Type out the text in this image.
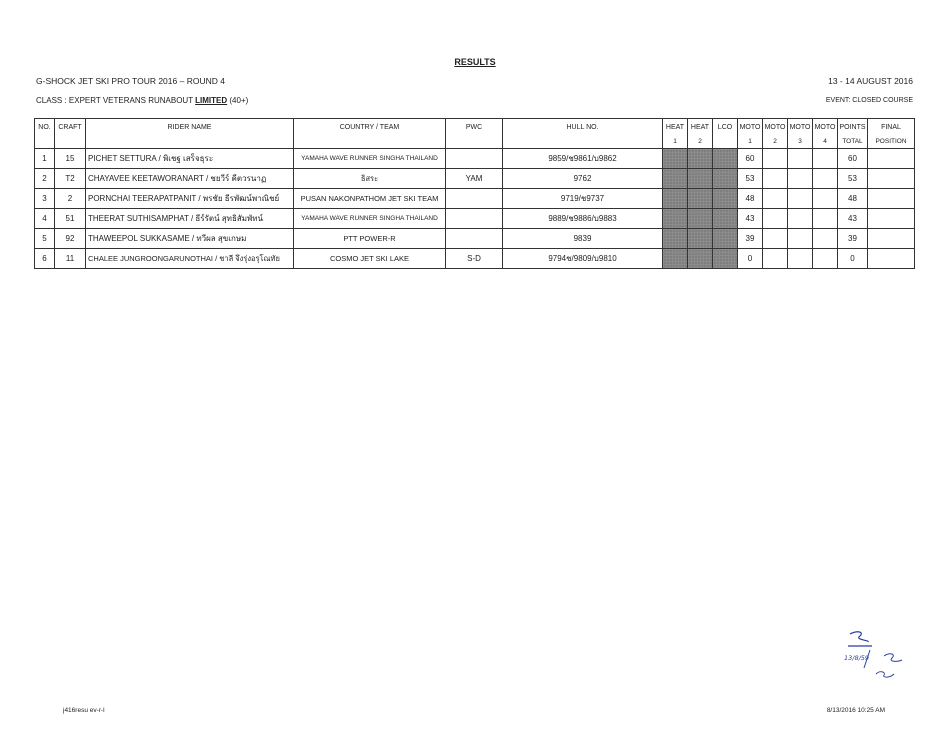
RESULTS
G-SHOCK JET SKI PRO TOUR 2016 – ROUND 4	13 - 14 AUGUST 2016
CLASS : EXPERT VETERANS RUNABOUT LIMITED (40+)	EVENT: CLOSED COURSE
NO.	CRAFT	RIDER NAME	COUNTRY / TEAM	PWC	HULL NO.	HEAT	HEAT	LCO	MOTO	MOTO	MOTO	MOTO	POINTS	FINAL
						1	2		1	2	3	4	TOTAL	POSITION
1	15	PICHET SETTURA / พิเชฐ เสร็จธุระ	YAMAHA WAVE RUNNER SINGHA THAILAND		9859/ช9861/บ9862				60				60	
2	T2	CHAYAVEE KEETAWORANART / ชยวีร์ คีตวรนาฏ	ธิสระ	YAM	9762				53				53	
3	2	PORNCHAI TEERAPATPANIT / พรชัย ธีรพัฒน์พาณิชย์	PUSAN NAKONPATHOM JET SKI TEAM		9719/ช9737				48				48	
4	51	THEERAT SUTHISAMPHAT / ธีร์รัตน์ สุทธิสัมพัทน์	YAMAHA WAVE RUNNER SINGHA THAILAND		9889/ช9886/บ9883				43				43	
5	92	THAWEEPOL SUKKASAME / ทวีผล สุขเกษม	PTT POWER-R		9839				39				39	
6	11	CHALEE JUNGROONGARUNOTHAI / ชาลี จึงรุ่งอรุโณทัย	COSMO JET SKI LAKE	S-D	9794ช/9809/บ9810				0				0	
13/8/59
j416resu ev-r-l	8/13/2016 10:25 AM
